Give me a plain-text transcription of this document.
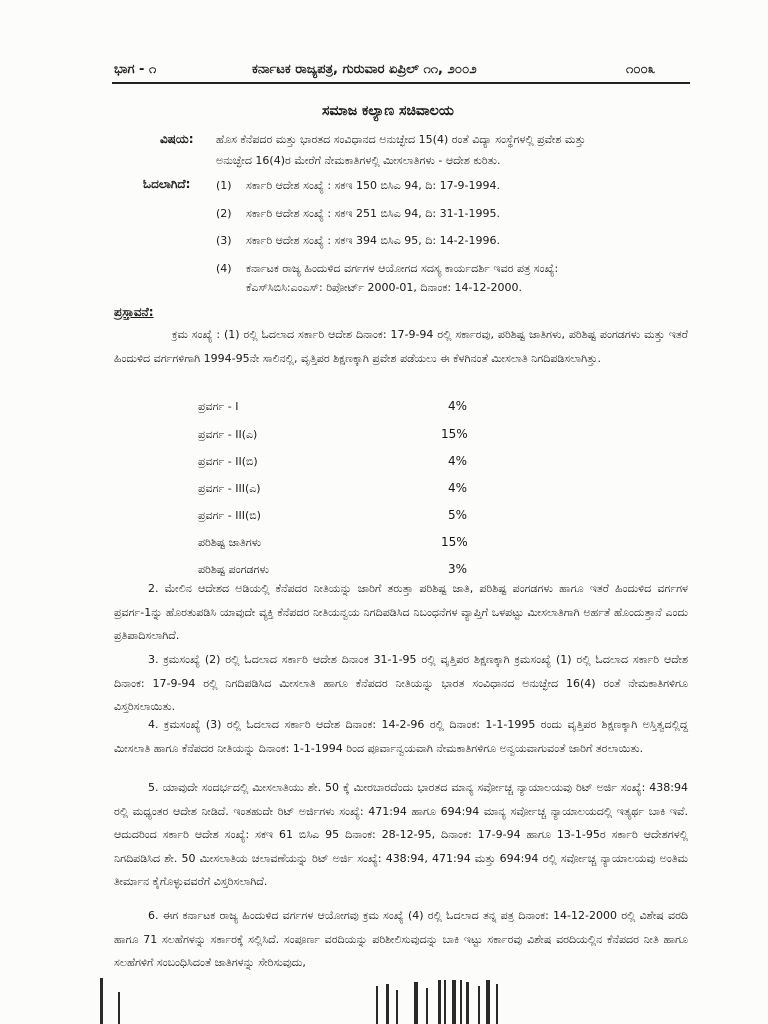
ಭಾಗ - ೧	ಕರ್ನಾಟಕ ರಾಜ್ಯಪತ್ರ, ಗುರುವಾರ ಏಪ್ರಿಲ್ ೧೧, ೨೦೦೨	೧೦೦೩
ಸಮಾಜ ಕಲ್ಯಾಣ ಸಚಿವಾಲಯ
ವಿಷಯ: ಹೊಸ ಕೆನೆಪದರ ಮತ್ತು ಭಾರತದ ಸಂವಿಧಾನದ ಅನುಚ್ಛೇದ 15(4) ರಂತೆ ವಿದ್ಯಾ ಸಂಸ್ಥೆಗಳಲ್ಲಿ ಪ್ರವೇಶ ಮತ್ತು
ಅನುಚ್ಛೇದ 16(4)ರ ಮೇರೆಗೆ ನೇಮಕಾತಿಗಳಲ್ಲಿ ಮೀಸಲಾತಿಗಳು - ಆದೇಶ ಕುರಿತು.
ಓದಲಾಗಿದೆ: (1) ಸರ್ಕಾರಿ ಆದೇಶ ಸಂಖ್ಯೆ : ಸಕಇ 150 ಬಿಸಿಎ 94, ದಿ: 17-9-1994.
(2) ಸರ್ಕಾರಿ ಆದೇಶ ಸಂಖ್ಯೆ : ಸಕಇ 251 ಬಿಸಿಎ 94, ದಿ: 31-1-1995.
(3) ಸರ್ಕಾರಿ ಆದೇಶ ಸಂಖ್ಯೆ : ಸಕಇ 394 ಬಿಸಿಎ 95, ದಿ: 14-2-1996.
(4) ಕರ್ನಾಟಕ ರಾಜ್ಯ ಹಿಂದುಳಿದ ವರ್ಗಗಳ ಆಯೋಗದ ಸದಸ್ಯ ಕಾರ್ಯದರ್ಶಿ ಇವರ ಪತ್ರ ಸಂಖ್ಯೆ:
ಕೆಎಸ್‌ಸಿಬಿಸಿ:ಎಂಎಸ್: ರಿಪೋರ್ಟ್ 2000-01, ದಿನಾಂಕ: 14-12-2000.
ಪ್ರಸ್ತಾವನೆ:
ಕ್ರಮ ಸಂಖ್ಯೆ : (1) ರಲ್ಲಿ ಓದಲಾದ ಸರ್ಕಾರಿ ಆದೇಶ ದಿನಾಂಕ: 17-9-94 ರಲ್ಲಿ ಸರ್ಕಾರವು, ಪರಿಶಿಷ್ಟ ಜಾತಿಗಳು, ಪರಿಶಿಷ್ಟ ಪಂಗಡಗಳು ಮತ್ತು ಇತರೆ ಹಿಂದುಳಿದ ವರ್ಗಗಳಿಗಾಗಿ 1994-95ನೇ ಸಾಲಿನಲ್ಲಿ, ವೃತ್ತಿಪರ ಶಿಕ್ಷಣಕ್ಕಾಗಿ ಪ್ರವೇಶ ಪಡೆಯಲು ಈ ಕೆಳಗಿನಂತೆ ಮೀಸಲಾತಿ ನಿಗದಿಪಡಿಸಲಾಗಿತ್ತು.
ಪ್ರವರ್ಗ - I	4%
ಪ್ರವರ್ಗ - II(ಎ)	15%
ಪ್ರವರ್ಗ - II(ಬಿ)	4%
ಪ್ರವರ್ಗ - III(ಎ)	4%
ಪ್ರವರ್ಗ - III(ಬಿ)	5%
ಪರಿಶಿಷ್ಟ ಜಾತಿಗಳು	15%
ಪರಿಶಿಷ್ಟ ಪಂಗಡಗಳು	3%
2. ಮೇಲಿನ ಆದೇಶದ ಅಡಿಯಲ್ಲಿ ಕೆನೆಪದರ ನೀತಿಯನ್ನು ಜಾರಿಗೆ ತರುತ್ತಾ ಪರಿಶಿಷ್ಟ ಜಾತಿ, ಪರಿಶಿಷ್ಟ ಪಂಗಡಗಳು ಹಾಗೂ ಇತರೆ ಹಿಂದುಳಿದ ವರ್ಗಗಳ ಪ್ರವರ್ಗ-1ನ್ನು ಹೊರತುಪಡಿಸಿ ಯಾವುದೇ ವ್ಯಕ್ತಿ ಕೆನೆಪದರ ನೀತಿಯನ್ವಯ ನಿಗದಿಪಡಿಸಿದ ನಿಬಂಧನೆಗಳ ವ್ಯಾಪ್ತಿಗೆ ಒಳಪಟ್ಟು ಮೀಸಲಾತಿಗಾಗಿ ಅರ್ಹತೆ ಹೊಂದುತ್ತಾನೆ ಎಂದು ಪ್ರತಿಪಾದಿಸಲಾಗಿದೆ.
3. ಕ್ರಮಸಂಖ್ಯೆ (2) ರಲ್ಲಿ ಓದಲಾದ ಸರ್ಕಾರಿ ಆದೇಶ ದಿನಾಂಕ 31-1-95 ರಲ್ಲಿ ವೃತ್ತಿಪರ ಶಿಕ್ಷಣಕ್ಕಾಗಿ ಕ್ರಮಸಂಖ್ಯೆ (1) ರಲ್ಲಿ ಓದಲಾದ ಸರ್ಕಾರಿ ಆದೇಶ ದಿನಾಂಕ: 17-9-94 ರಲ್ಲಿ ನಿಗದಿಪಡಿಸಿದ ಮೀಸಲಾತಿ ಹಾಗೂ ಕೆನೆಪದರ ನೀತಿಯನ್ನು ಭಾರತ ಸಂವಿಧಾನದ ಅನುಚ್ಛೇದ 16(4) ರಂತೆ ನೇಮಕಾತಿಗಳಿಗೂ ವಿಸ್ತರಿಸಲಾಯಿತು.
4. ಕ್ರಮಸಂಖ್ಯೆ (3) ರಲ್ಲಿ ಓದಲಾದ ಸರ್ಕಾರಿ ಆದೇಶ ದಿನಾಂಕ: 14-2-96 ರಲ್ಲಿ ದಿನಾಂಕ: 1-1-1995 ರಂದು ವೃತ್ತಿಪರ ಶಿಕ್ಷಣಕ್ಕಾಗಿ ಅಸ್ತಿತ್ವದಲ್ಲಿದ್ದ ಮೀಸಲಾತಿ ಹಾಗೂ ಕೆನೆಪದರ ನೀತಿಯನ್ನು ದಿನಾಂಕ: 1-1-1994 ರಿಂದ ಪೂರ್ವಾನ್ವಯವಾಗಿ ನೇಮಕಾತಿಗಳಿಗೂ ಅನ್ವಯವಾಗುವಂತೆ ಜಾರಿಗೆ ತರಲಾಯಿತು.
5. ಯಾವುದೇ ಸಂದರ್ಭದಲ್ಲಿ ಮೀಸಲಾತಿಯು ಶೇ. 50 ಕ್ಕೆ ಮೀರಬಾರದೆಂದು ಭಾರತದ ಮಾನ್ಯ ಸರ್ವೋಚ್ಚ ನ್ಯಾಯಾಲಯವು ರಿಟ್ ಅರ್ಜಿ ಸಂಖ್ಯೆ: 438:94 ರಲ್ಲಿ ಮಧ್ಯಂತರ ಆದೇಶ ನೀಡಿದೆ. ಇಂತಹುದೇ ರಿಟ್ ಅರ್ಜಿಗಳು ಸಂಖ್ಯೆ: 471:94 ಹಾಗೂ 694:94 ಮಾನ್ಯ ಸರ್ವೋಚ್ಚ ನ್ಯಾಯಾಲಯದಲ್ಲಿ ಇತ್ಯರ್ಥ ಬಾಕಿ ಇವೆ. ಆದುದರಿಂದ ಸರ್ಕಾರಿ ಆದೇಶ ಸಂಖ್ಯೆ: ಸಕಇ 61 ಬಿಸಿಎ 95 ದಿನಾಂಕ: 28-12-95, ದಿನಾಂಕ: 17-9-94 ಹಾಗೂ 13-1-95ರ ಸರ್ಕಾರಿ ಆದೇಶಗಳಲ್ಲಿ ನಿಗದಿಪಡಿಸಿದ ಶೇ. 50 ಮೀಸಲಾತಿಯ ಚಲಾವಣೆಯನ್ನು ರಿಟ್ ಅರ್ಜಿ ಸಂಖ್ಯೆ: 438:94, 471:94 ಮತ್ತು 694:94 ರಲ್ಲಿ ಸರ್ವೋಚ್ಚ ನ್ಯಾಯಾಲಯವು ಅಂತಿಮ ತೀರ್ಮಾನ ಕೈಗೊಳ್ಳುವವರೆಗೆ ವಿಸ್ತರಿಸಲಾಗಿದೆ.
6. ಈಗ ಕರ್ನಾಟಕ ರಾಜ್ಯ ಹಿಂದುಳಿದ ವರ್ಗಗಳ ಆಯೋಗವು ಕ್ರಮ ಸಂಖ್ಯೆ (4) ರಲ್ಲಿ ಓದಲಾದ ತನ್ನ ಪತ್ರ ದಿನಾಂಕ: 14-12-2000 ರಲ್ಲಿ ವಿಶೇಷ ವರದಿ ಹಾಗೂ 71 ಸಲಹೆಗಳನ್ನು ಸರ್ಕಾರಕ್ಕೆ ಸಲ್ಲಿಸಿದೆ. ಸಂಪೂರ್ಣ ವರದಿಯನ್ನು ಪರಿಶೀಲಿಸುವುದನ್ನು ಬಾಕಿ ಇಟ್ಟು ಸರ್ಕಾರವು ವಿಶೇಷ ವರದಿಯಲ್ಲಿನ ಕೆನೆಪದರ ನೀತಿ ಹಾಗೂ ಸಲಹೆಗಳಿಗೆ ಸಂಬಂಧಿಸಿದಂತೆ ಜಾತಿಗಳನ್ನು ಸೇರಿಸುವುದು,
